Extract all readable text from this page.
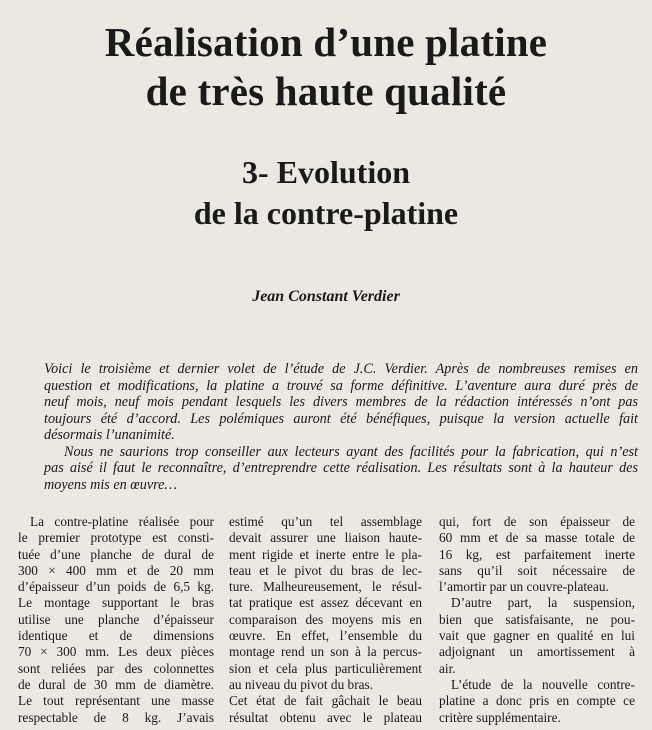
Réalisation d’une platine
de très haute qualité
3- Evolution
de la contre-platine
Jean Constant Verdier

Voici le troisième et dernier volet de l’étude de J.C. Verdier. Après de nombreuses remises en
question et modifications, la platine a trouvé sa forme définitive. L’aventure aura duré près de
neuf mois, neuf mois pendant lesquels les divers membres de la rédaction intéressés n’ont pas
toujours été d’accord. Les polémiques auront été bénéfiques, puisque la version actuelle fait
désormais l’unanimité.

Nous ne saurions trop conseiller aux lecteurs ayant des facilités pour la fabrication, qui n’est
pas aisé il faut le reconnaître, d’entreprendre cette réalisation. Les résultats sont à la hauteur des
moyens mis en œuvre…

La contre-platine réalisée pour
le premier prototype est consti-
tuée d’une planche de dural de
300 × 400 mm et de 20 mm
d’épaisseur d’un poids de 6,5 kg.
Le montage supportant le bras
utilise une planche d’épaisseur
identique et de dimensions
70 × 300 mm. Les deux pièces
sont reliées par des colonnettes
de dural de 30 mm de diamètre.
Le tout représentant une masse
respectable de 8 kg. J’avais
estimé qu’un tel assemblage
devait assurer une liaison haute-
ment rigide et inerte entre le pla-
teau et le pivot du bras de lec-
ture. Malheureusement, le résul-
tat pratique est assez décevant en
comparaison des moyens mis en
œuvre. En effet, l’ensemble du
montage rend un son à la percus-
sion et cela plus particulièrement
au niveau du pivot du bras.
Cet état de fait gâchait le beau
résultat obtenu avec le plateau
qui, fort de son épaisseur de
60 mm et de sa masse totale de
16 kg, est parfaitement inerte
sans qu’il soit nécessaire de
l’amortir par un couvre-plateau.
D’autre part, la suspension,
bien que satisfaisante, ne pou-
vait que gagner en qualité en lui
adjoignant un amortissement à
air.
L’étude de la nouvelle contre-
platine a donc pris en compte ce
critère supplémentaire.
